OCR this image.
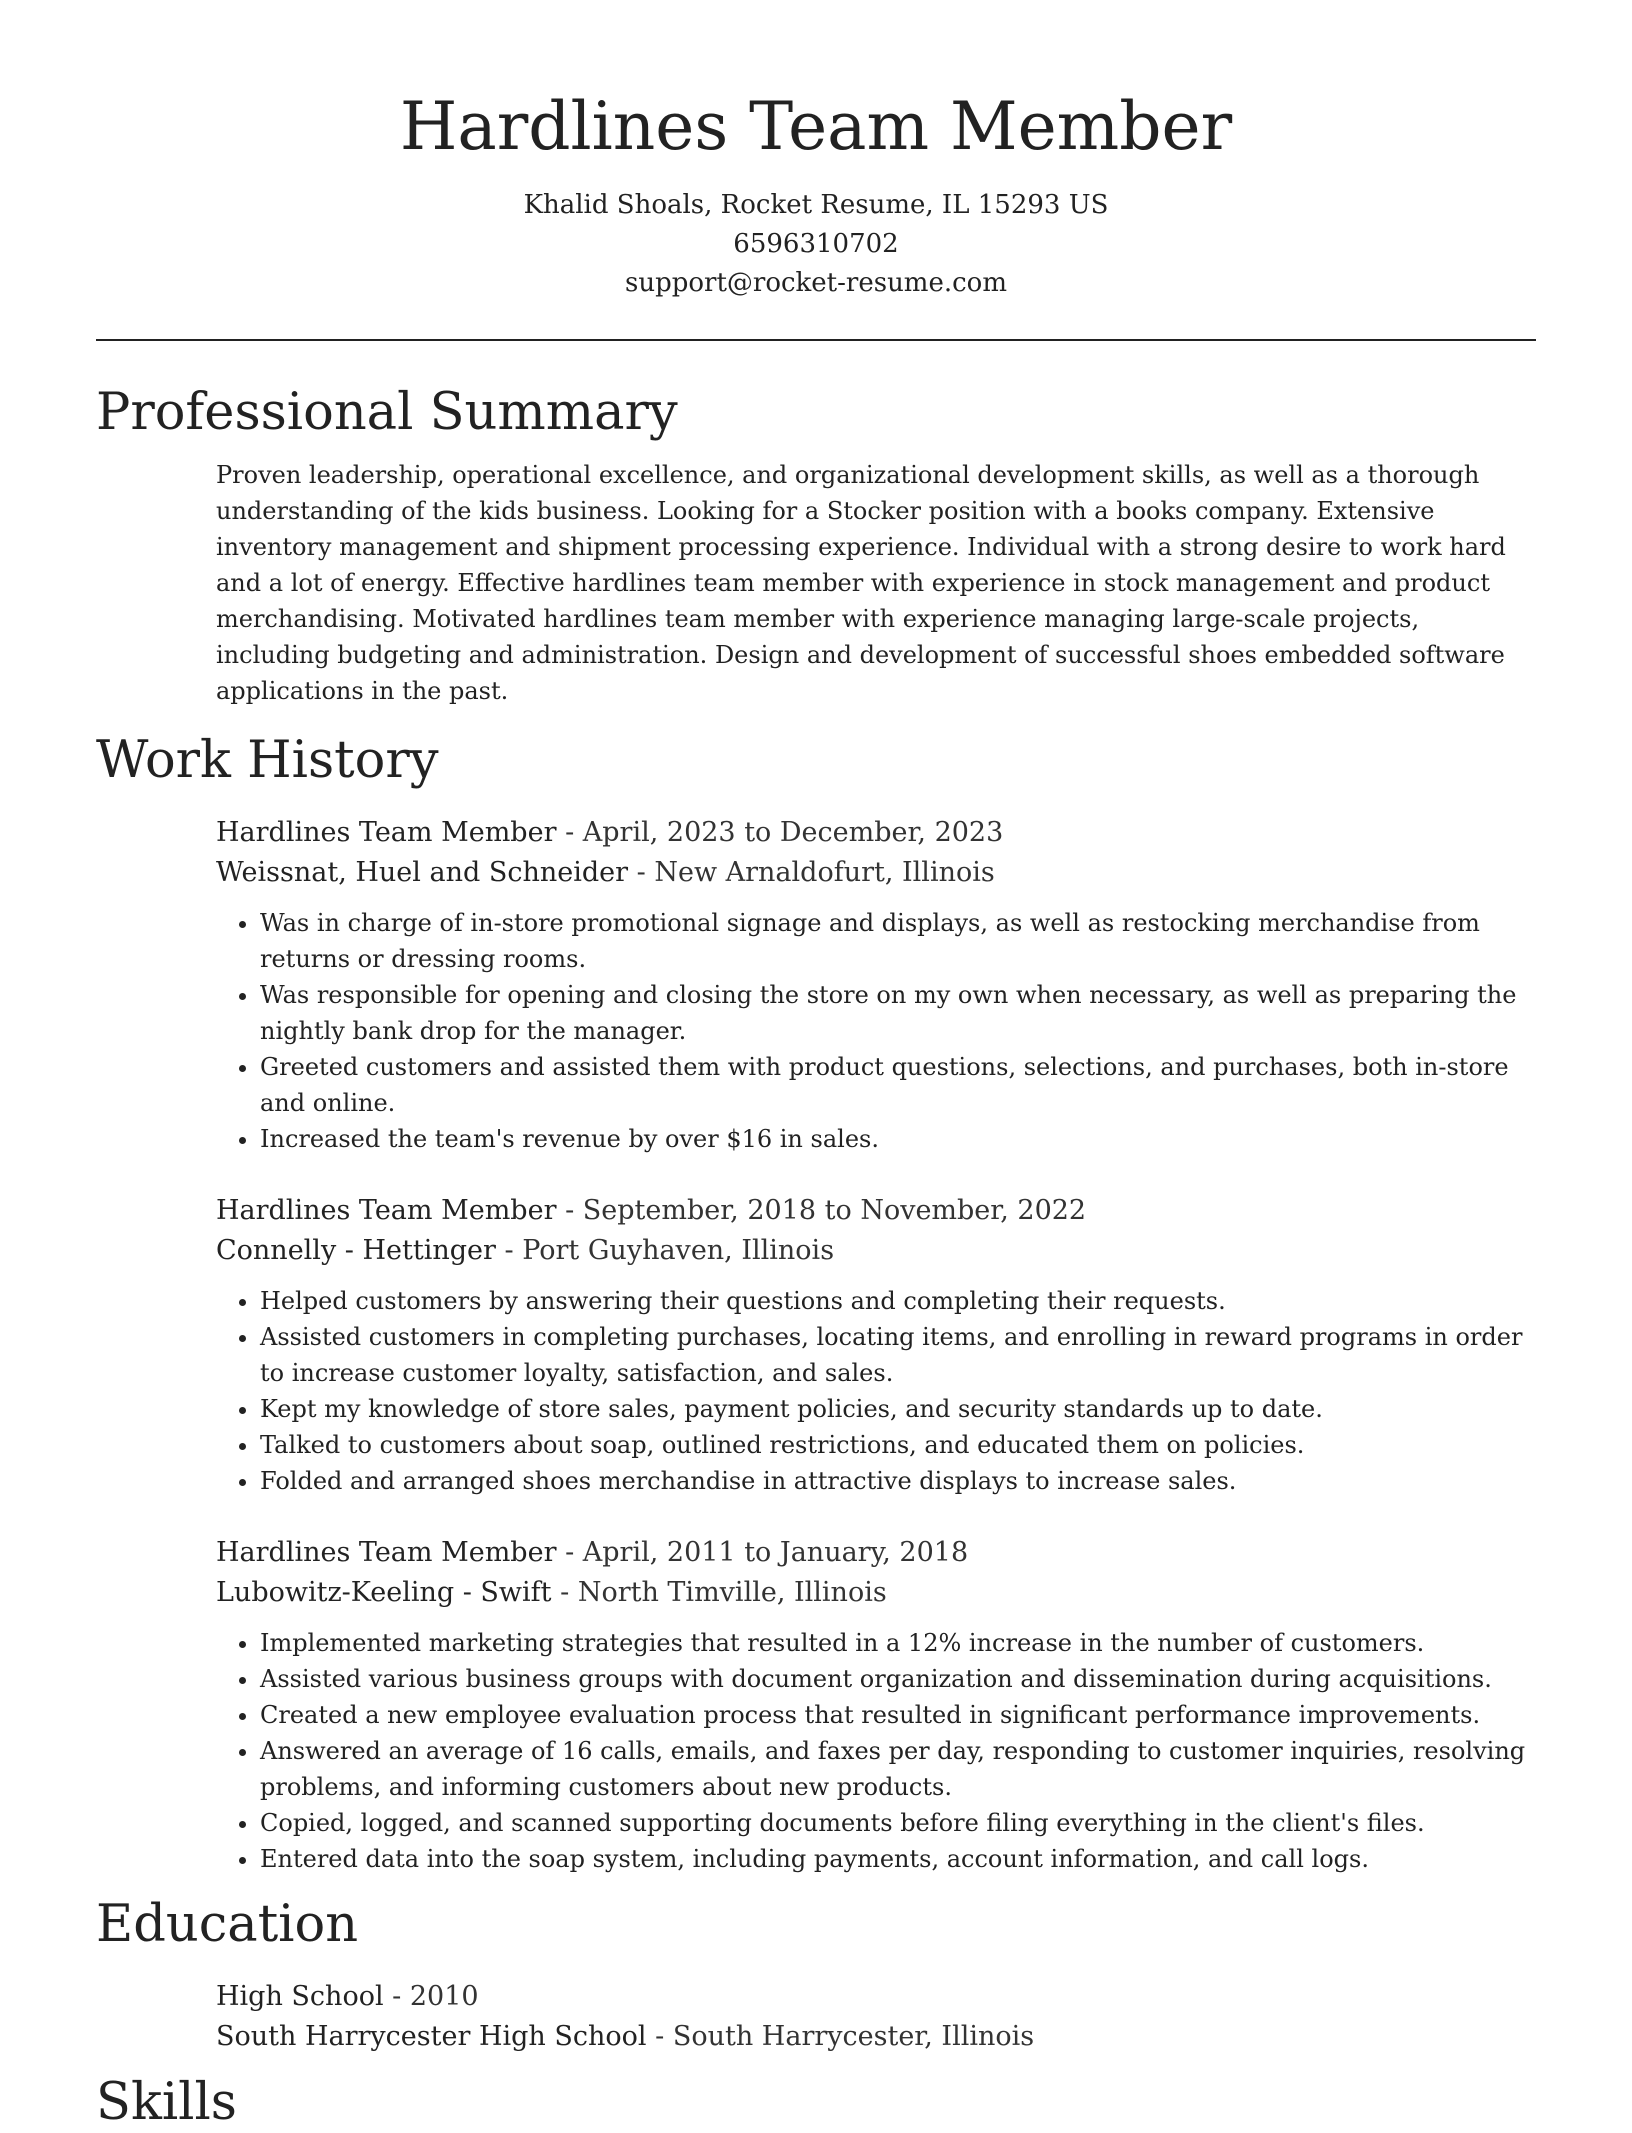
Hardlines Team Member
Khalid Shoals, Rocket Resume, IL 15293 US
6596310702
support@rocket-resume.com
Professional Summary

Proven leadership, operational excellence, and organizational development skills, as well as a thorough understanding of the kids business. Looking for a Stocker position with a books company. Extensive inventory management and shipment processing experience. Individual with a strong desire to work hard and a lot of energy. Effective hardlines team member with experience in stock management and product merchandising. Motivated hardlines team member with experience managing large-scale projects, including budgeting and administration. Design and development of successful shoes embedded software applications in the past.

Work History
Hardlines Team Member - April, 2023 to December, 2023
Weissnat, Huel and Schneider - New Arnaldofurt, Illinois
• Was in charge of in-store promotional signage and displays, as well as restocking merchandise from returns or dressing rooms.
• Was responsible for opening and closing the store on my own when necessary, as well as preparing the nightly bank drop for the manager.
• Greeted customers and assisted them with product questions, selections, and purchases, both in-store and online.
• Increased the team's revenue by over $16 in sales.
Hardlines Team Member - September, 2018 to November, 2022
Connelly - Hettinger - Port Guyhaven, Illinois
• Helped customers by answering their questions and completing their requests.
• Assisted customers in completing purchases, locating items, and enrolling in reward programs in order to increase customer loyalty, satisfaction, and sales.
• Kept my knowledge of store sales, payment policies, and security standards up to date.
• Talked to customers about soap, outlined restrictions, and educated them on policies.
• Folded and arranged shoes merchandise in attractive displays to increase sales.
Hardlines Team Member - April, 2011 to January, 2018
Lubowitz-Keeling - Swift - North Timville, Illinois
• Implemented marketing strategies that resulted in a 12% increase in the number of customers.
• Assisted various business groups with document organization and dissemination during acquisitions.
• Created a new employee evaluation process that resulted in significant performance improvements.
• Answered an average of 16 calls, emails, and faxes per day, responding to customer inquiries, resolving problems, and informing customers about new products.
• Copied, logged, and scanned supporting documents before filing everything in the client's files.
• Entered data into the soap system, including payments, account information, and call logs.
Education
High School - 2010
South Harrycester High School - South Harrycester, Illinois
Skills
